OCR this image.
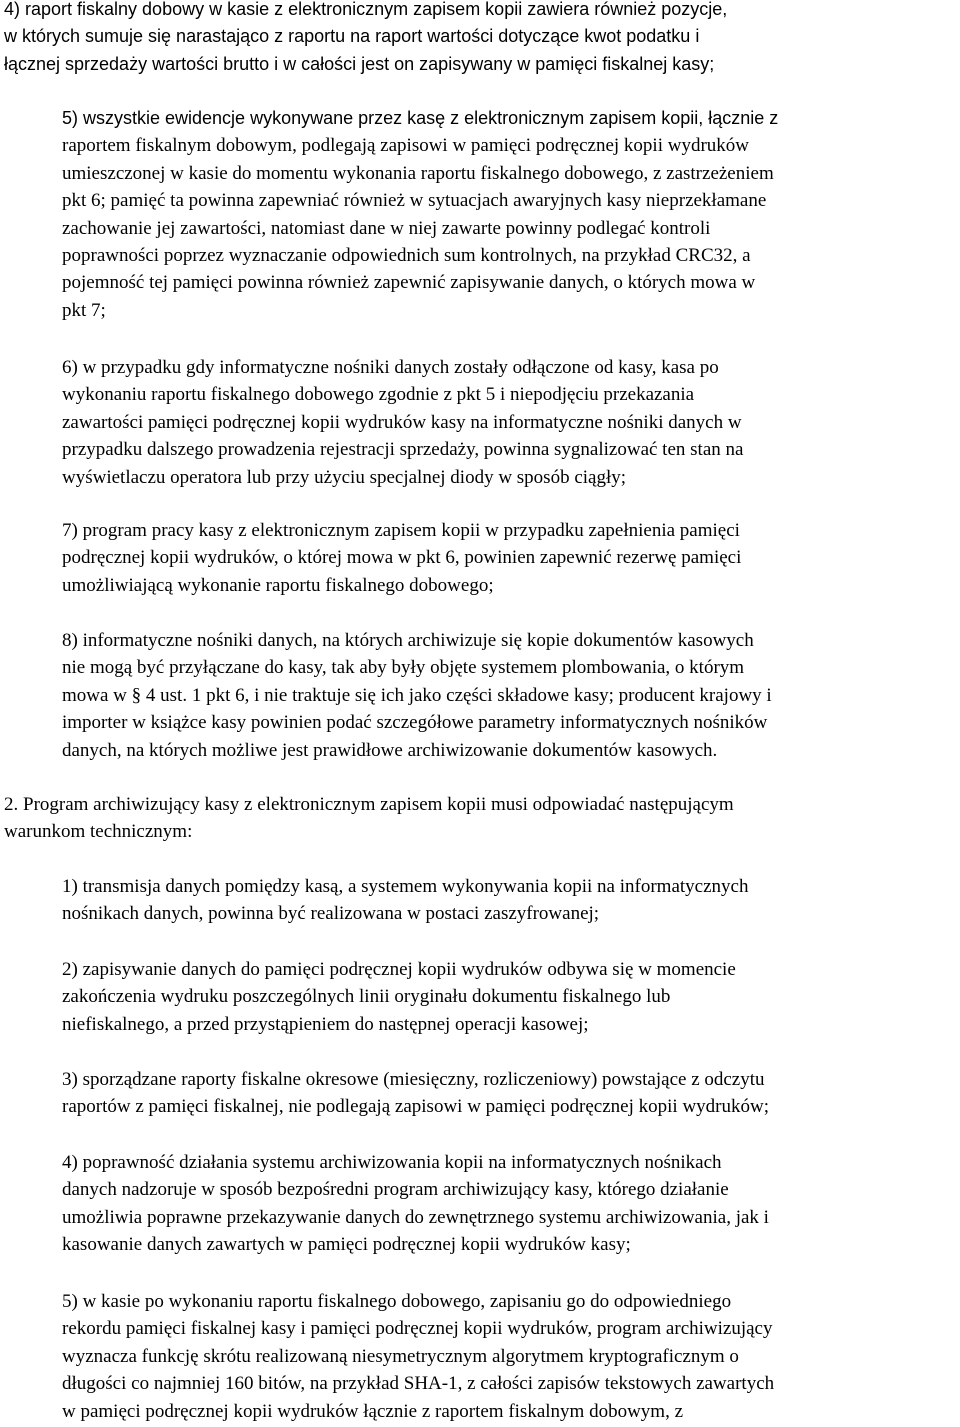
4) raport fiskalny dobowy w kasie z elektronicznym zapisem kopii zawiera również pozycje,
w których sumuje się narastająco z raportu na raport wartości dotyczące kwot podatku i
łącznej sprzedaży wartości brutto i w całości jest on zapisywany w pamięci fiskalnej kasy;
5) wszystkie ewidencje wykonywane przez kasę z elektronicznym zapisem kopii, łącznie z
raportem fiskalnym dobowym, podlegają zapisowi w pamięci podręcznej kopii wydruków
umieszczonej w kasie do momentu wykonania raportu fiskalnego dobowego, z zastrzeżeniem
pkt 6; pamięć ta powinna zapewniać również w sytuacjach awaryjnych kasy nieprzekłamane
zachowanie jej zawartości, natomiast dane w niej zawarte powinny podlegać kontroli
poprawności poprzez wyznaczanie odpowiednich sum kontrolnych, na przykład CRC32, a
pojemność tej pamięci powinna również zapewnić zapisywanie danych, o których mowa w
pkt 7;
6) w przypadku gdy informatyczne nośniki danych zostały odłączone od kasy, kasa po
wykonaniu raportu fiskalnego dobowego zgodnie z pkt 5 i niepodjęciu przekazania
zawartości pamięci podręcznej kopii wydruków kasy na informatyczne nośniki danych w
przypadku dalszego prowadzenia rejestracji sprzedaży, powinna sygnalizować ten stan na
wyświetlaczu operatora lub przy użyciu specjalnej diody w sposób ciągły;
7) program pracy kasy z elektronicznym zapisem kopii w przypadku zapełnienia pamięci
podręcznej kopii wydruków, o której mowa w pkt 6, powinien zapewnić rezerwę pamięci
umożliwiającą wykonanie raportu fiskalnego dobowego;
8) informatyczne nośniki danych, na których archiwizuje się kopie dokumentów kasowych
nie mogą być przyłączane do kasy, tak aby były objęte systemem plombowania, o którym
mowa w § 4 ust. 1 pkt 6, i nie traktuje się ich jako części składowe kasy; producent krajowy i
importer w książce kasy powinien podać szczegółowe parametry informatycznych nośników
danych, na których możliwe jest prawidłowe archiwizowanie dokumentów kasowych.
2. Program archiwizujący kasy z elektronicznym zapisem kopii musi odpowiadać następującym
warunkom technicznym:
1) transmisja danych pomiędzy kasą, a systemem wykonywania kopii na informatycznych
nośnikach danych, powinna być realizowana w postaci zaszyfrowanej;
2) zapisywanie danych do pamięci podręcznej kopii wydruków odbywa się w momencie
zakończenia wydruku poszczególnych linii oryginału dokumentu fiskalnego lub
niefiskalnego, a przed przystąpieniem do następnej operacji kasowej;
3) sporządzane raporty fiskalne okresowe (miesięczny, rozliczeniowy) powstające z odczytu
raportów z pamięci fiskalnej, nie podlegają zapisowi w pamięci podręcznej kopii wydruków;
4) poprawność działania systemu archiwizowania kopii na informatycznych nośnikach
danych nadzoruje w sposób bezpośredni program archiwizujący kasy, którego działanie
umożliwia poprawne przekazywanie danych do zewnętrznego systemu archiwizowania, jak i
kasowanie danych zawartych w pamięci podręcznej kopii wydruków kasy;
5) w kasie po wykonaniu raportu fiskalnego dobowego, zapisaniu go do odpowiedniego
rekordu pamięci fiskalnej kasy i pamięci podręcznej kopii wydruków, program archiwizujący
wyznacza funkcję skrótu realizowaną niesymetrycznym algorytmem kryptograficznym o
długości co najmniej 160 bitów, na przykład SHA-1, z całości zapisów tekstowych zawartych
w pamięci podręcznej kopii wydruków łącznie z raportem fiskalnym dobowym, z
